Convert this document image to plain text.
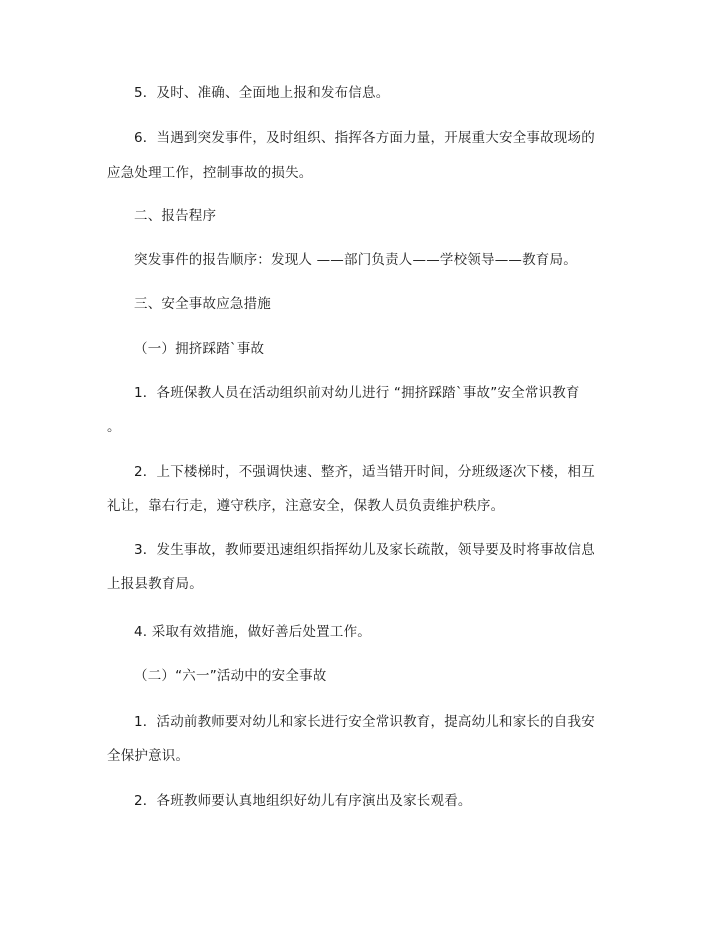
5．及时、准确、全面地上报和发布信息。
6．当遇到突发事件，及时组织、指挥各方面力量，开展重大安全事故现场的
应急处理工作，控制事故的损失。
二、报告程序
突发事件的报告顺序：发现人 ——部门负责人——学校领导——教育局。
三、安全事故应急措施
（一）拥挤踩踏`事故
1．各班保教人员在活动组织前对幼儿进行 “拥挤踩踏`事故”安全常识教育
。
2．上下楼梯时，不强调快速、整齐，适当错开时间，分班级逐次下楼，相互
礼让，靠右行走，遵守秩序，注意安全，保教人员负责维护秩序。
3．发生事故，教师要迅速组织指挥幼儿及家长疏散，领导要及时将事故信息
上报县教育局。
4. 采取有效措施，做好善后处置工作。
（二）“六一”活动中的安全事故
1．活动前教师要对幼儿和家长进行安全常识教育，提高幼儿和家长的自我安
全保护意识。
2．各班教师要认真地组织好幼儿有序演出及家长观看。
